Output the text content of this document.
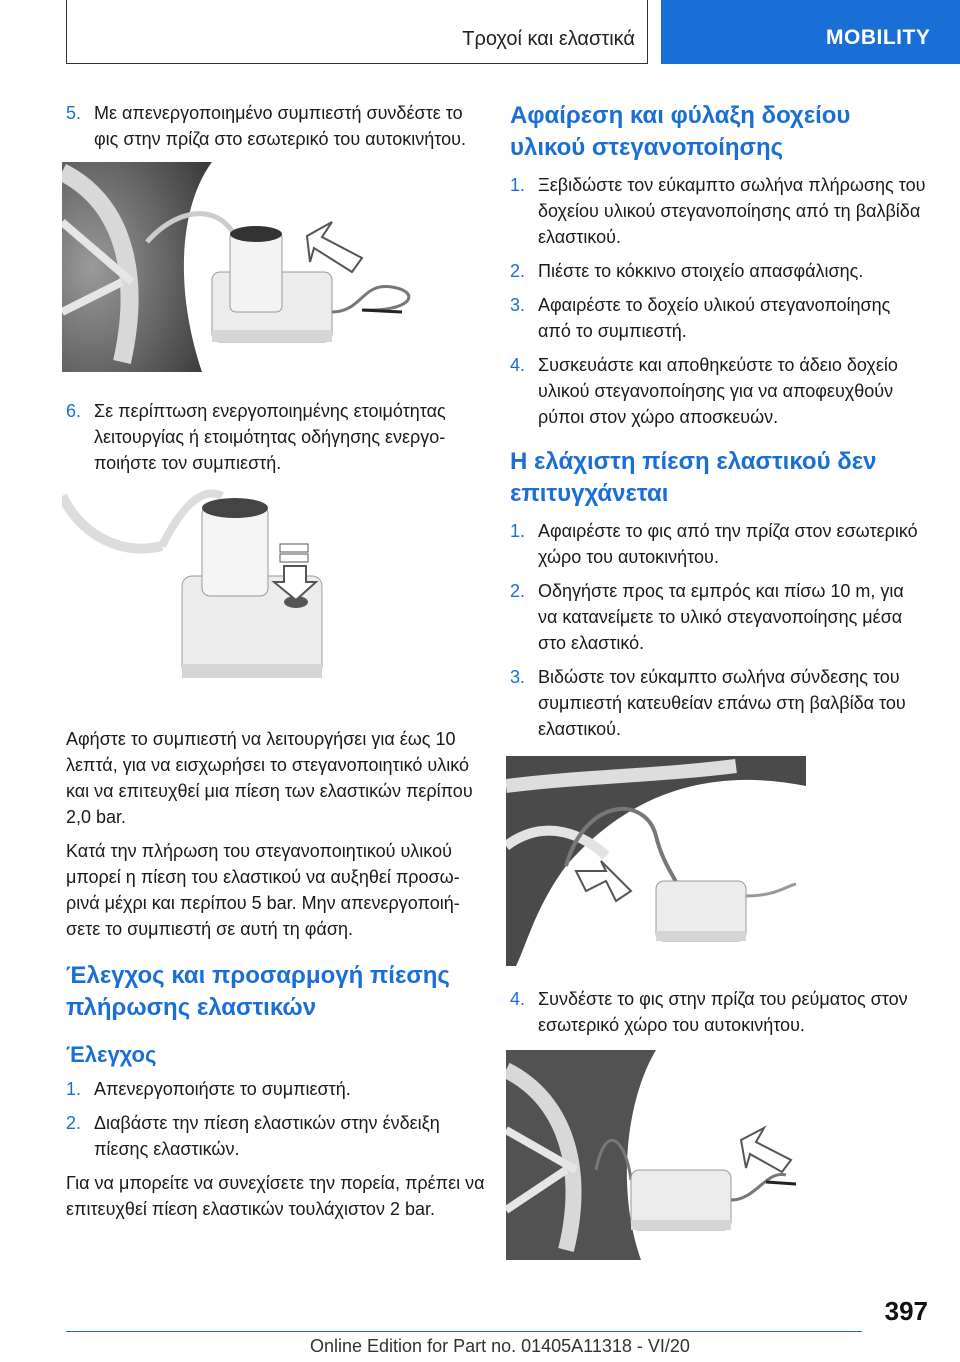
Τροχοί και ελαστικά	MOBILITY
5. Με απενεργοποιημένο συμπιεστή συνδέστε το φις στην πρίζα στο εσωτερικό του αυτοκινήτου.
6. Σε περίπτωση ενεργοποιημένης ετοιμότητας λειτουργίας ή ετοιμότητας οδήγησης ενεργοποιήστε τον συμπιεστή.

Αφήστε το συμπιεστή να λειτουργήσει για έως 10 λεπτά, για να εισχωρήσει το στεγανοποιητικό υλικό και να επιτευχθεί μια πίεση των ελαστικών περίπου 2,0 bar.

Κατά την πλήρωση του στεγανοποιητικού υλικού μπορεί η πίεση του ελαστικού να αυξηθεί προσωρινά μέχρι και περίπου 5 bar. Μην απενεργοποιήσετε το συμπιεστή σε αυτή τη φάση.

Έλεγχος και προσαρμογή πίεσης πλήρωσης ελαστικών
Έλεγχος
1. Απενεργοποιήστε το συμπιεστή.
2. Διαβάστε την πίεση ελαστικών στην ένδειξη πίεσης ελαστικών.

Για να μπορείτε να συνεχίσετε την πορεία, πρέπει να επιτευχθεί πίεση ελαστικών τουλάχιστον 2 bar.

Αφαίρεση και φύλαξη δοχείου υλικού στεγανοποίησης
1. Ξεβιδώστε τον εύκαμπτο σωλήνα πλήρωσης του δοχείου υλικού στεγανοποίησης από τη βαλβίδα ελαστικού.
2. Πιέστε το κόκκινο στοιχείο απασφάλισης.
3. Αφαιρέστε το δοχείο υλικού στεγανοποίησης από το συμπιεστή.
4. Συσκευάστε και αποθηκεύστε το άδειο δοχείο υλικού στεγανοποίησης για να αποφευχθούν ρύποι στον χώρο αποσκευών.
Η ελάχιστη πίεση ελαστικού δεν επιτυγχάνεται
1. Αφαιρέστε το φις από την πρίζα στον εσωτερικό χώρο του αυτοκινήτου.
2. Οδηγήστε προς τα εμπρός και πίσω 10 m, για να κατανείμετε το υλικό στεγανοποίησης μέσα στο ελαστικό.
3. Βιδώστε τον εύκαμπτο σωλήνα σύνδεσης του συμπιεστή κατευθείαν επάνω στη βαλβίδα του ελαστικού.
4. Συνδέστε το φις στην πρίζα του ρεύματος στον εσωτερικό χώρο του αυτοκινήτου.
397
Online Edition for Part no. 01405A11318 - VI/20
